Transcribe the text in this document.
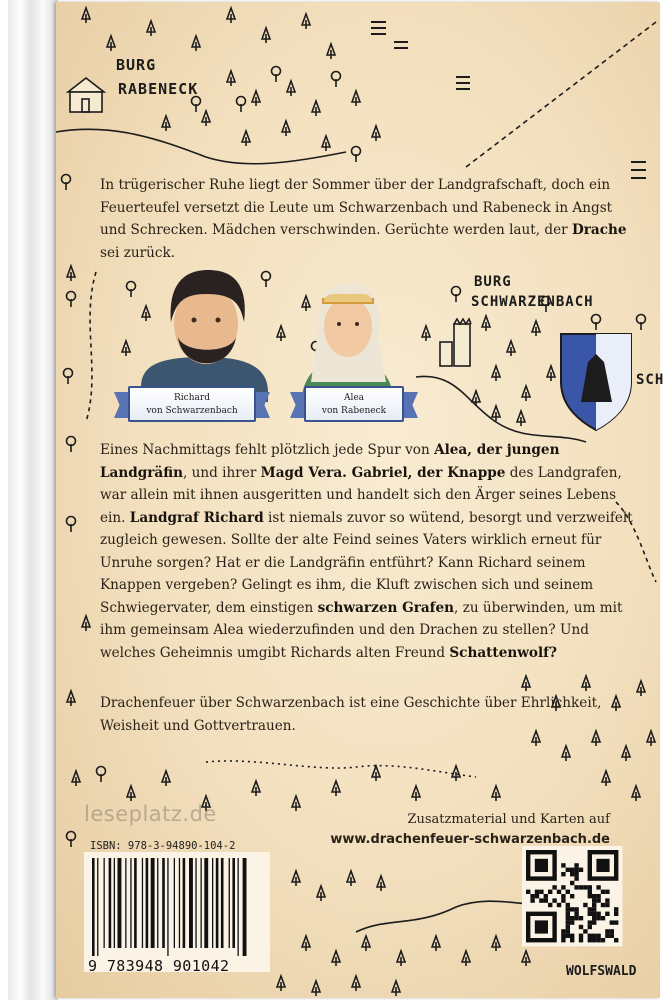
BURG
RABENECK
BURG
SCHWARZENBACH
SCH

In trügerischer Ruhe liegt der Sommer über der Landgrafschaft, doch ein Feuerteufel versetzt die Leute um Schwarzenbach und Rabeneck in Angst und Schrecken. Mädchen verschwinden. Gerüchte werden laut, der Drache sei zurück.

Richard
von Schwarzenbach
Alea
von Rabeneck

Eines Nachmittags fehlt plötzlich jede Spur von Alea, der jungen Landgräfin, und ihrer Magd Vera. Gabriel, der Knappe des Landgrafen, war allein mit ihnen ausgeritten und handelt sich den Ärger seines Lebens ein. Landgraf Richard ist niemals zuvor so wütend, besorgt und verzweifelt zugleich gewesen. Sollte der alte Feind seines Vaters wirklich erneut für Unruhe sorgen? Hat er die Landgräfin entführt? Kann Richard seinem Knappen vergeben? Gelingt es ihm, die Kluft zwischen sich und seinem Schwiegervater, dem einstigen schwarzen Grafen, zu überwinden, um mit ihm gemeinsam Alea wiederzufinden und den Drachen zu stellen? Und welches Geheimnis umgibt Richards alten Freund Schattenwolf?

Drachenfeuer über Schwarzenbach ist eine Geschichte über Ehrlichkeit, Weisheit und Gottvertrauen.

leseplatz.de	Zusatzmaterial und Karten auf
www.drachenfeuer-schwarzenbach.de
ISBN: 978-3-94890-104-2
9 783948 901042	WOLFSWALD
